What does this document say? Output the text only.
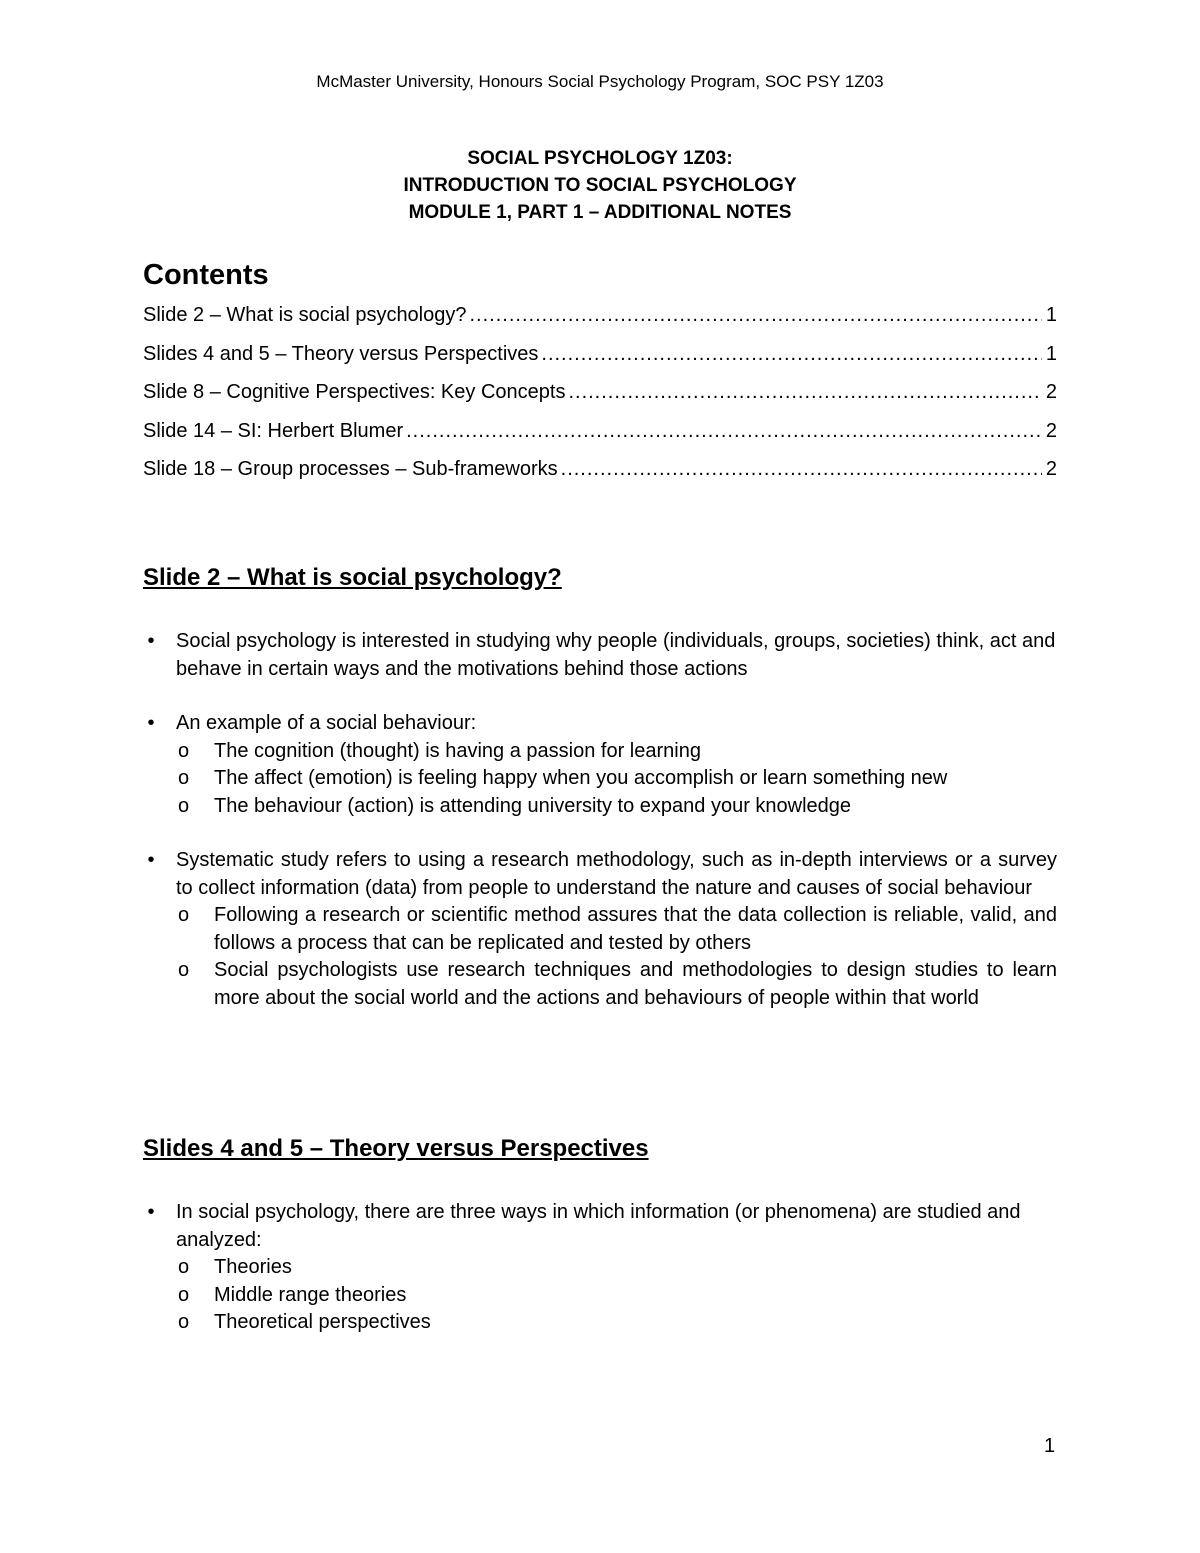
McMaster University, Honours Social Psychology Program, SOC PSY 1Z03
SOCIAL PSYCHOLOGY 1Z03:
INTRODUCTION TO SOCIAL PSYCHOLOGY
MODULE 1, PART 1 – ADDITIONAL NOTES
Contents
Slide 2 – What is social psychology? .....	1
Slides 4 and 5 – Theory versus Perspectives .....	1
Slide 8 – Cognitive Perspectives: Key Concepts .....	2
Slide 14 – SI: Herbert Blumer .....	2
Slide 18 – Group processes – Sub-frameworks .....	2
Slide 2 – What is social psychology?
• Social psychology is interested in studying why people (individuals, groups, societies) think, act and behave in certain ways and the motivations behind those actions
• An example of a social behaviour:
o	The cognition (thought) is having a passion for learning
o	The affect (emotion) is feeling happy when you accomplish or learn something new
o	The behaviour (action) is attending university to expand your knowledge
• Systematic study refers to using a research methodology, such as in-depth interviews or a survey to collect information (data) from people to understand the nature and causes of social behaviour
o	Following a research or scientific method assures that the data collection is reliable, valid, and follows a process that can be replicated and tested by others
o	Social psychologists use research techniques and methodologies to design studies to learn more about the social world and the actions and behaviours of people within that world
Slides 4 and 5 – Theory versus Perspectives
• In social psychology, there are three ways in which information (or phenomena) are studied and analyzed:
o	Theories
o	Middle range theories
o	Theoretical perspectives
1
